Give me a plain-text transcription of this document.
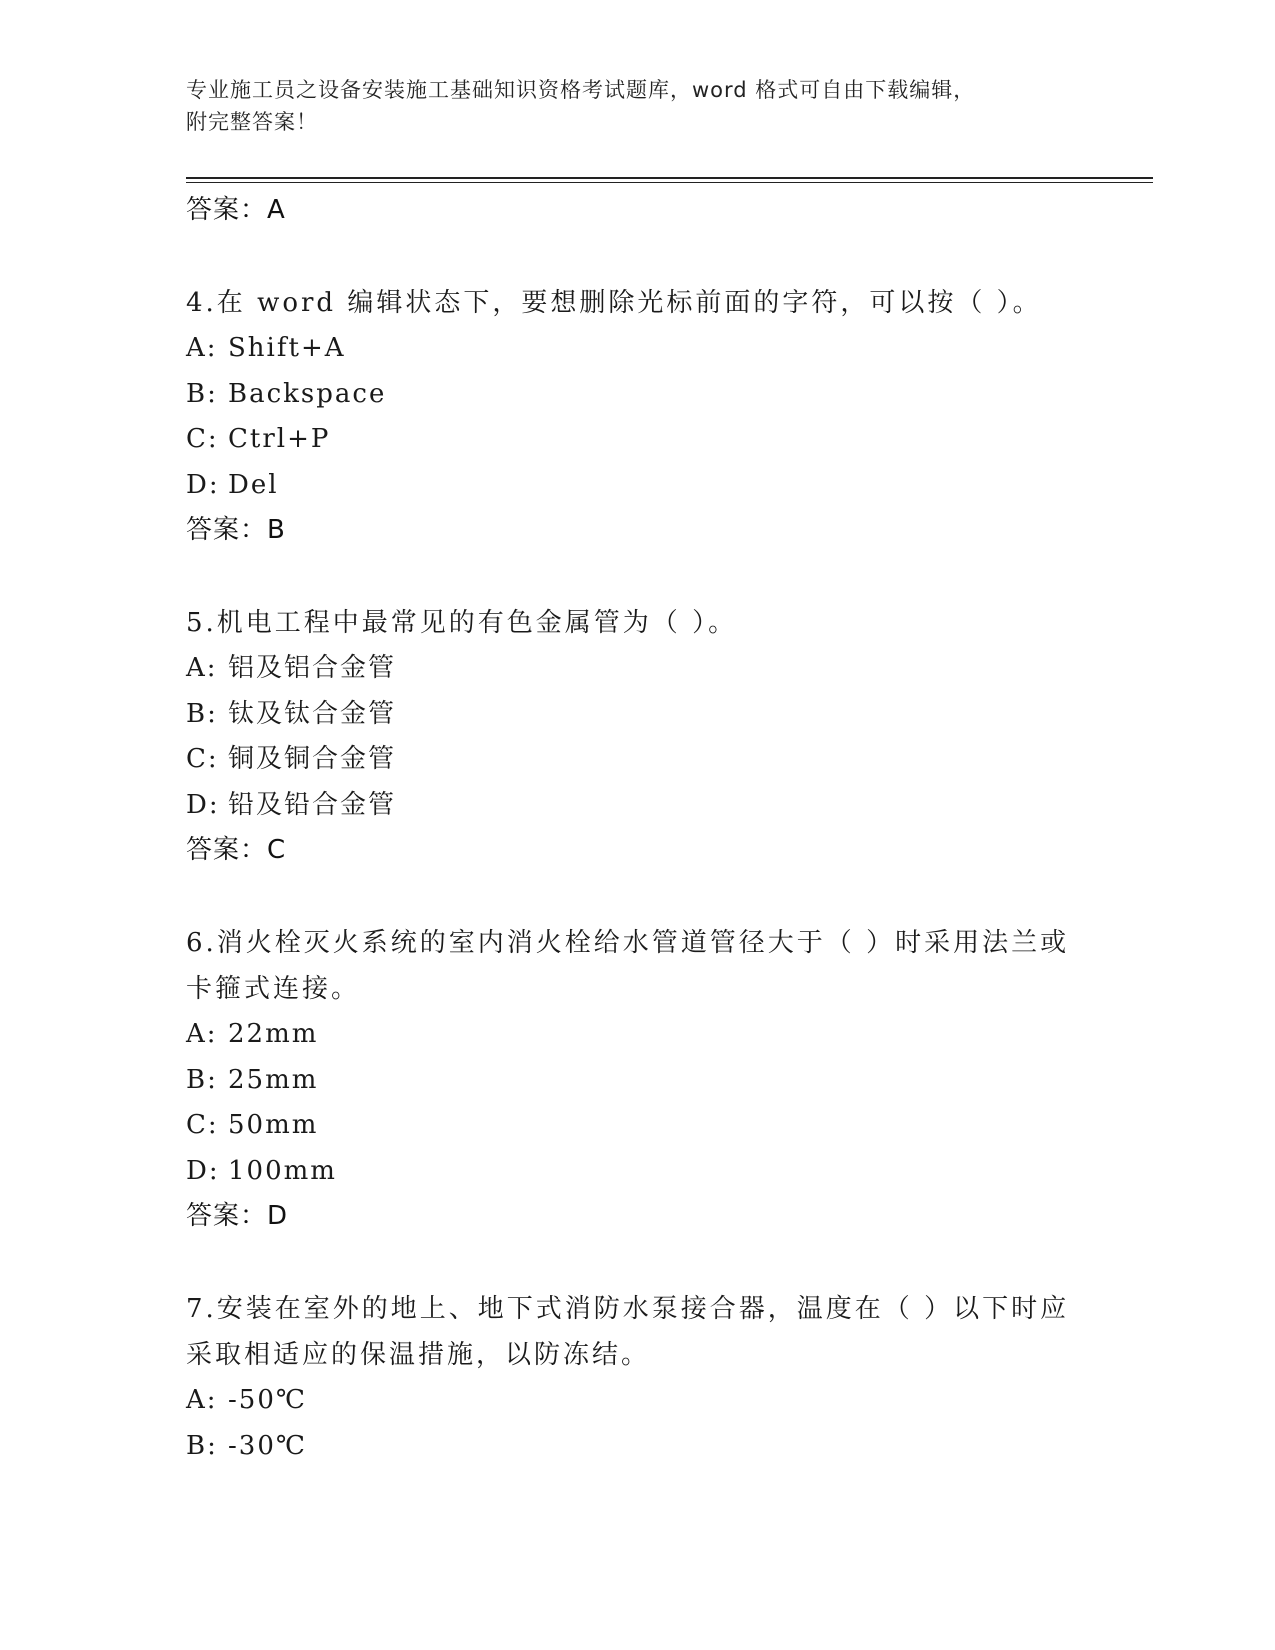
专业施工员之设备安装施工基础知识资格考试题库，word 格式可自由下载编辑，
附完整答案！
答案：A
4.在 word 编辑状态下，要想删除光标前面的字符，可以按（ ）。
A: Shift+A
B: Backspace
C: Ctrl+P
D: Del
答案：B
5.机电工程中最常见的有色金属管为（ ）。
A: 铝及铝合金管
B: 钛及钛合金管
C: 铜及铜合金管
D: 铅及铅合金管
答案：C
6.消火栓灭火系统的室内消火栓给水管道管径大于（ ）时采用法兰或卡箍式连接。
A: 22mm
B: 25mm
C: 50mm
D: 100mm
答案：D
7.安装在室外的地上、地下式消防水泵接合器，温度在（ ）以下时应采取相适应的保温措施，以防冻结。
A: -50℃
B: -30℃
